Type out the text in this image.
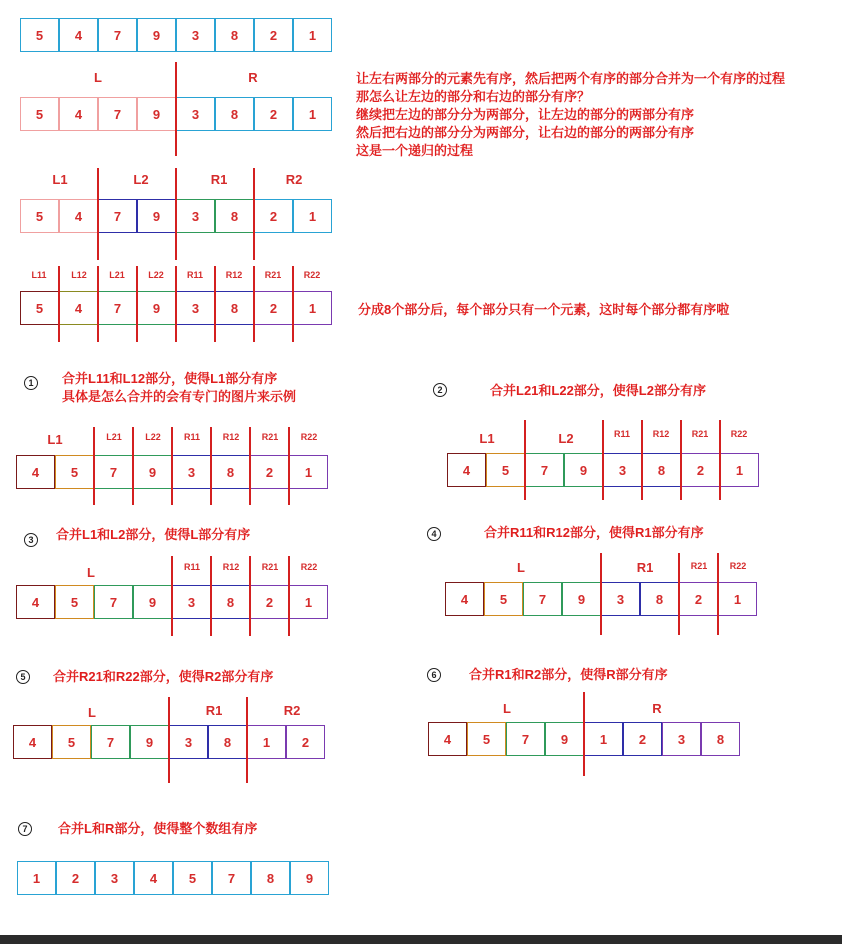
5	4	7	9	3	8	2	1
L	R
5	4	7	9	3	8	2	1
让左右两部分的元素先有序，然后把两个有序的部分合并为一个有序的过程
那怎么让左边的部分和右边的部分有序？
继续把左边的部分分为两部分，让左边的部分的两部分有序
然后把右边的部分分为两部分，让右边的部分的两部分有序
这是一个递归的过程
L1	L2	R1	R2
5	4	7	9	3	8	2	1
L11	L12 L21	L22	R11	R12 R21 R22
5	4	7	9	3	8	2	1	分成8个部分后，每个部分只有一个元素，这时每个部分都有序啦
1	合并L11和L12部分，使得L1部分有序
具体是怎么合并的会有专门的图片来示例
L1	L21	L22	R11	R12 R21 R22
4	5	7	9	3	8	2	1
2	合并L21和L22部分，使得L2部分有序
L1	L2	R11	R12 R21 R22
4	5	7	9	3	8	2	1
3	合并L1和L2部分，使得L部分有序
L	R11	R12 R21 R22
4	5	7	9	3	8	2	1
4	合并R11和R12部分，使得R1部分有序
L	R1	R21 R22
4	5	7	9	3	8	2	1
5	合并R21和R22部分，使得R2部分有序
L	R1	R2
4	5	7	9	3	8	1	2
6	合并R1和R2部分，使得R部分有序
L	R
4	5	7	9	1	2	3	8
7	合并L和R部分，使得整个数组有序
1	2	3	4	5	7	8	9
